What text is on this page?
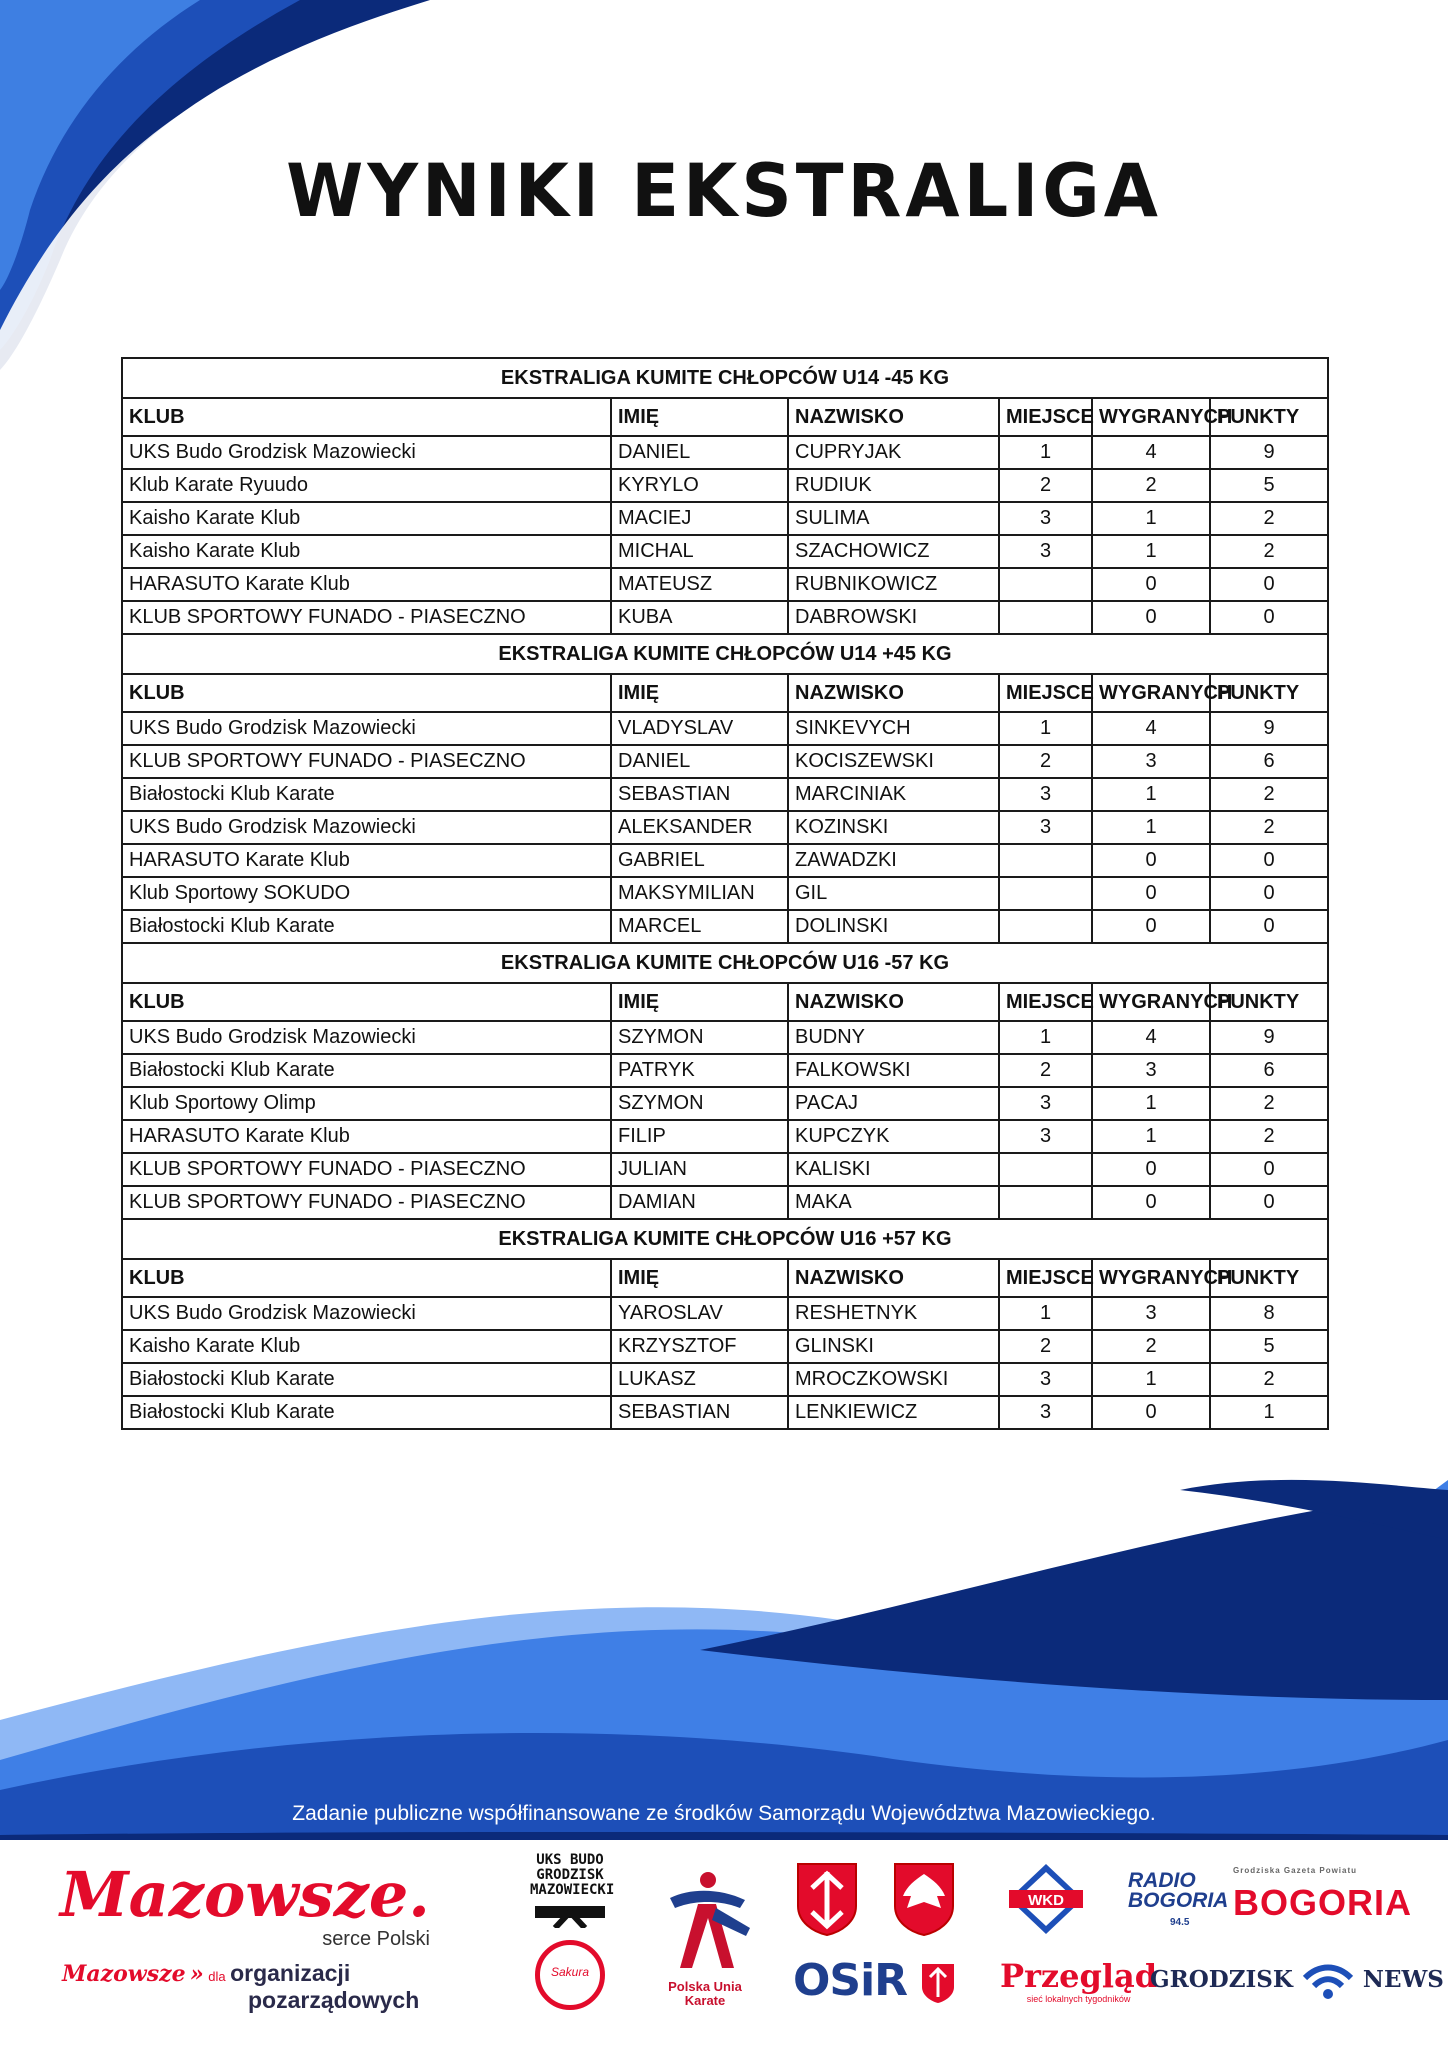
WYNIKI EKSTRALIGA
EKSTRALIGA KUMITE CHŁOPCÓW U14 -45 KG					
KLUB	IMIĘ	NAZWISKO	MIEJSCE	WYGRANYCH	PUNKTY
UKS Budo Grodzisk Mazowiecki	DANIEL	CUPRYJAK	1	4	9
Klub Karate Ryuudo	KYRYLO	RUDIUK	2	2	5
Kaisho Karate Klub	MACIEJ	SULIMA	3	1	2
Kaisho Karate Klub	MICHAL	SZACHOWICZ	3	1	2
HARASUTO Karate Klub	MATEUSZ	RUBNIKOWICZ		0	0
KLUB SPORTOWY FUNADO - PIASECZNO	KUBA	DABROWSKI		0	0
EKSTRALIGA KUMITE CHŁOPCÓW U14 +45 KG					
KLUB	IMIĘ	NAZWISKO	MIEJSCE	WYGRANYCH	PUNKTY
UKS Budo Grodzisk Mazowiecki	VLADYSLAV	SINKEVYCH	1	4	9
KLUB SPORTOWY FUNADO - PIASECZNO	DANIEL	KOCISZEWSKI	2	3	6
Białostocki Klub Karate	SEBASTIAN	MARCINIAK	3	1	2
UKS Budo Grodzisk Mazowiecki	ALEKSANDER	KOZINSKI	3	1	2
HARASUTO Karate Klub	GABRIEL	ZAWADZKI		0	0
Klub Sportowy SOKUDO	MAKSYMILIAN	GIL		0	0
Białostocki Klub Karate	MARCEL	DOLINSKI		0	0
EKSTRALIGA KUMITE CHŁOPCÓW U16 -57 KG					
KLUB	IMIĘ	NAZWISKO	MIEJSCE	WYGRANYCH	PUNKTY
UKS Budo Grodzisk Mazowiecki	SZYMON	BUDNY	1	4	9
Białostocki Klub Karate	PATRYK	FALKOWSKI	2	3	6
Klub Sportowy Olimp	SZYMON	PACAJ	3	1	2
HARASUTO Karate Klub	FILIP	KUPCZYK	3	1	2
KLUB SPORTOWY FUNADO - PIASECZNO	JULIAN	KALISKI		0	0
KLUB SPORTOWY FUNADO - PIASECZNO	DAMIAN	MAKA		0	0
EKSTRALIGA KUMITE CHŁOPCÓW U16 +57 KG					
KLUB	IMIĘ	NAZWISKO	MIEJSCE	WYGRANYCH	PUNKTY
UKS Budo Grodzisk Mazowiecki	YAROSLAV	RESHETNYK	1	3	8
Kaisho Karate Klub	KRZYSZTOF	GLINSKI	2	2	5
Białostocki Klub Karate	LUKASZ	MROCZKOWSKI	3	1	2
Białostocki Klub Karate	SEBASTIAN	LENKIEWICZ	3	0	1
Zadanie publiczne współfinansowane ze środków Samorządu Województwa Mazowieckiego.
Mazowsze.
serce Polski
Mazowsze » dla organizacji
pozarządowych
UKS BUDO
GRODZISK
MAZOWIECKI
Sakura
Polska Unia
Karate	OSiR
WKD
RADIO
BOGORIA
94.5
Grodziska Gazeta Powiatu
BOGORIA
Przegląd
sieć lokalnych tygodników
GRODZISK	NEWS
